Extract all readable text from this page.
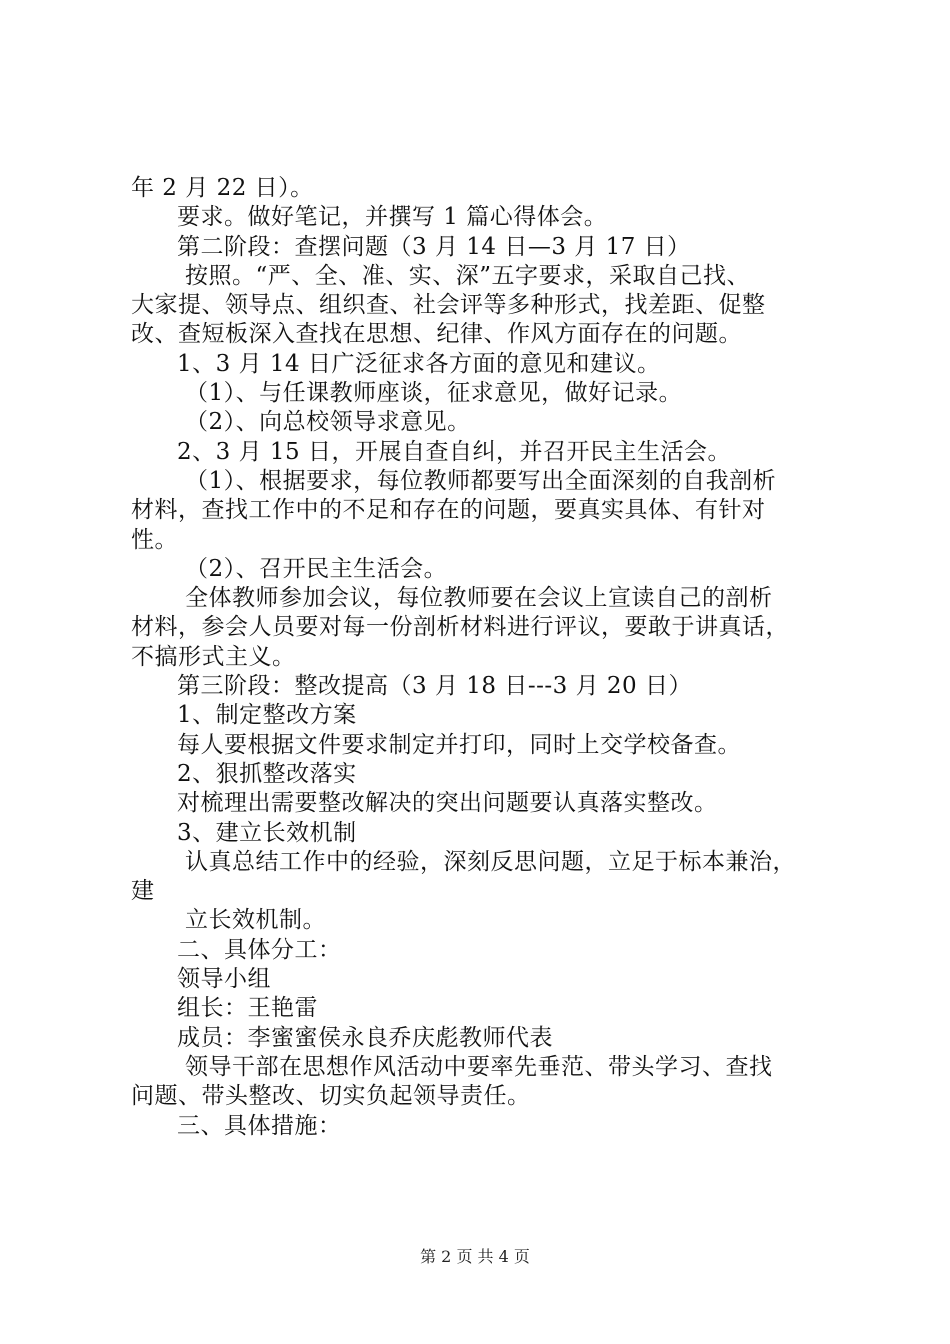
年 2 月 22 日）。
要求。做好笔记，并撰写 1 篇心得体会。
第二阶段：查摆问题（3 月 14 日—3 月 17 日）
按照。“严、全、准、实、深”五字要求，采取自己找、
大家提、领导点、组织查、社会评等多种形式，找差距、促整
改、查短板深入查找在思想、纪律、作风方面存在的问题。
1、3 月 14 日广泛征求各方面的意见和建议。
（1）、与任课教师座谈，征求意见，做好记录。
（2）、向总校领导求意见。
2、3 月 15 日，开展自查自纠，并召开民主生活会。
（1）、根据要求，每位教师都要写出全面深刻的自我剖析
材料，查找工作中的不足和存在的问题，要真实具体、有针对
性。
（2）、召开民主生活会。
全体教师参加会议，每位教师要在会议上宣读自己的剖析
材料，参会人员要对每一份剖析材料进行评议，要敢于讲真话，
不搞形式主义。
第三阶段：整改提高（3 月 18 日---3 月 20 日）
1、制定整改方案
每人要根据文件要求制定并打印，同时上交学校备查。
2、狠抓整改落实
对梳理出需要整改解决的突出问题要认真落实整改。
3、建立长效机制
认真总结工作中的经验，深刻反思问题，立足于标本兼治，
建
立长效机制。
二、具体分工：
领导小组
组长：王艳雷
成员：李蜜蜜侯永良乔庆彪教师代表
领导干部在思想作风活动中要率先垂范、带头学习、查找
问题、带头整改、切实负起领导责任。
三、具体措施：
第 2 页 共 4 页
